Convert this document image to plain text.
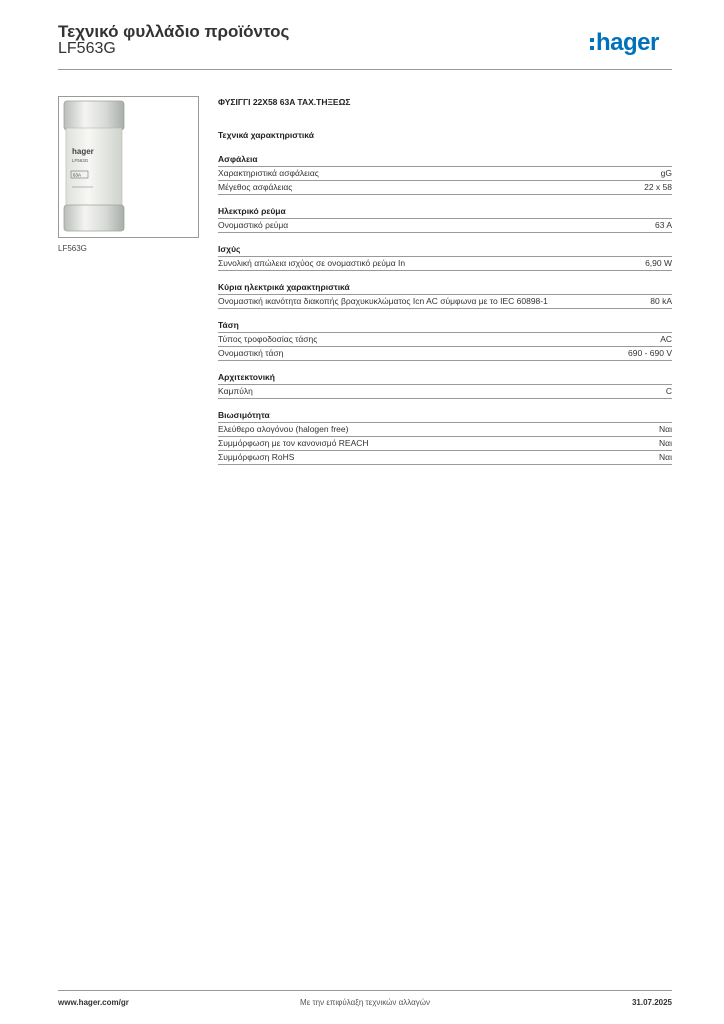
Τεχνικό φυλλάδιο προϊόντος
LF563G	hager
hager
LF563G
63A
LF563G
ΦΥΣΙΓΓΙ 22X58 63A ΤΑΧ.ΤΗΞΕΩΣ
Τεχνικά χαρακτηριστικά
Ασφάλεια
Χαρακτηριστικά ασφάλειας	gG
Μέγεθος ασφάλειας	22 x 58
Ηλεκτρικό ρεύμα
Ονομαστικό ρεύμα	63 A
Ισχύς
Συνολική απώλεια ισχύος σε ονομαστικό ρεύμα In	6,90 W
Κύρια ηλεκτρικά χαρακτηριστικά
Ονομαστική ικανότητα διακοπής βραχυκυκλώματος Icn AC σύμφωνα με το IEC 60898-1	80 kA
Τάση
Τύπος τροφοδοσίας τάσης	AC
Ονομαστική τάση	690 - 690 V
Αρχιτεκτονική
Καμπύλη	C
Βιωσιμότητα
Ελεύθερο αλογόνου (halogen free)	Ναι
Συμμόρφωση με τον κανονισμό REACH	Ναι
Συμμόρφωση RoHS	Ναι
www.hager.com/gr	Με την επιφύλαξη τεχνικών αλλαγών	31.07.2025
